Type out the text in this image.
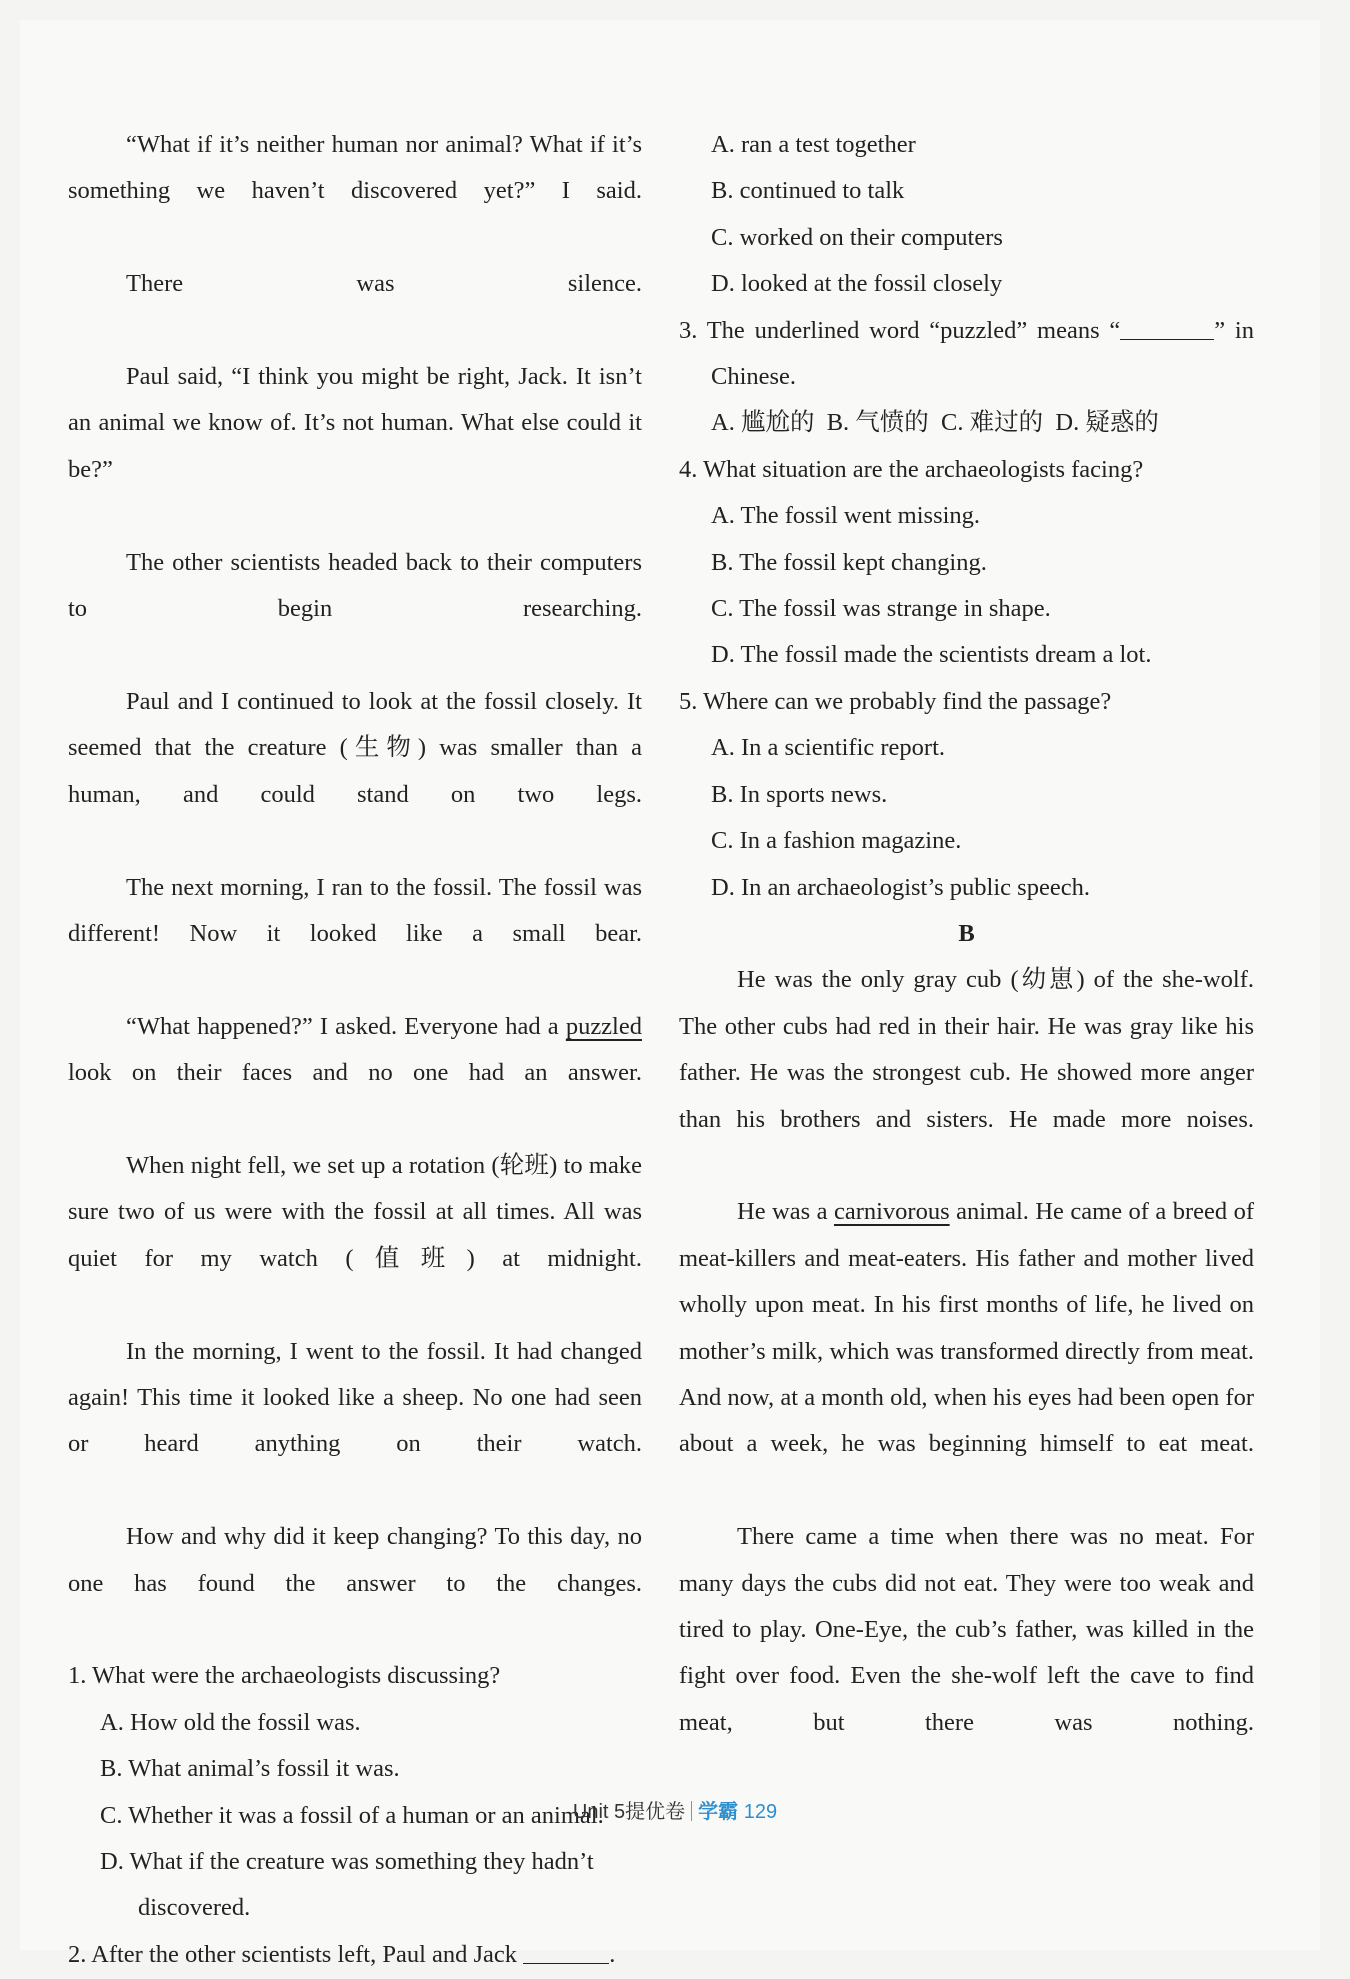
“What if it’s neither human nor animal? What if it’s something we haven’t discovered yet?” I said.

There was silence.

Paul said, “I think you might be right, Jack. It isn’t an animal we know of. It’s not human. What else could it be?”

The other scientists headed back to their computers to begin researching.

Paul and I continued to look at the fossil closely. It seemed that the creature (生物) was smaller than a human, and could stand on two legs.

The next morning, I ran to the fossil. The fossil was different! Now it looked like a small bear.

“What happened?” I asked. Everyone had a puzzled look on their faces and no one had an answer.

When night fell, we set up a rotation (轮班) to make sure two of us were with the fossil at all times. All was quiet for my watch (值班) at midnight.

In the morning, I went to the fossil. It had changed again! This time it looked like a sheep. No one had seen or heard anything on their watch.

How and why did it keep changing? To this day, no one has found the answer to the changes.

1. What were the archaeologists discussing?

A. How old the fossil was.

B. What animal’s fossil it was.

C. Whether it was a fossil of a human or an animal.

D. What if the creature was something they hadn’t discovered.

2. After the other scientists left, Paul and Jack	.

A. ran a test together

B. continued to talk

C. worked on their computers

D. looked at the fossil closely

3. The underlined word “puzzled” means “	” in Chinese.

A. 尴尬的  B. 气愤的  C. 难过的  D. 疑惑的

4. What situation are the archaeologists facing?

A. The fossil went missing.

B. The fossil kept changing.

C. The fossil was strange in shape.

D. The fossil made the scientists dream a lot.

5. Where can we probably find the passage?

A. In a scientific report.

B. In sports news.

C. In a fashion magazine.

D. In an archaeologist’s public speech.

B

He was the only gray cub (幼崽) of the she-wolf. The other cubs had red in their hair. He was gray like his father. He was the strongest cub. He showed more anger than his brothers and sisters. He made more noises.

He was a carnivorous animal. He came of a breed of meat-killers and meat-eaters. His father and mother lived wholly upon meat. In his first months of life, he lived on mother’s milk, which was transformed directly from meat. And now, at a month old, when his eyes had been open for about a week, he was beginning himself to eat meat.

There came a time when there was no meat. For many days the cubs did not eat. They were too weak and tired to play. One-Eye, the cub’s father, was killed in the fight over food. Even the she-wolf left the cave to find meat, but there was nothing.

Unit 5提优卷 学霸 129
